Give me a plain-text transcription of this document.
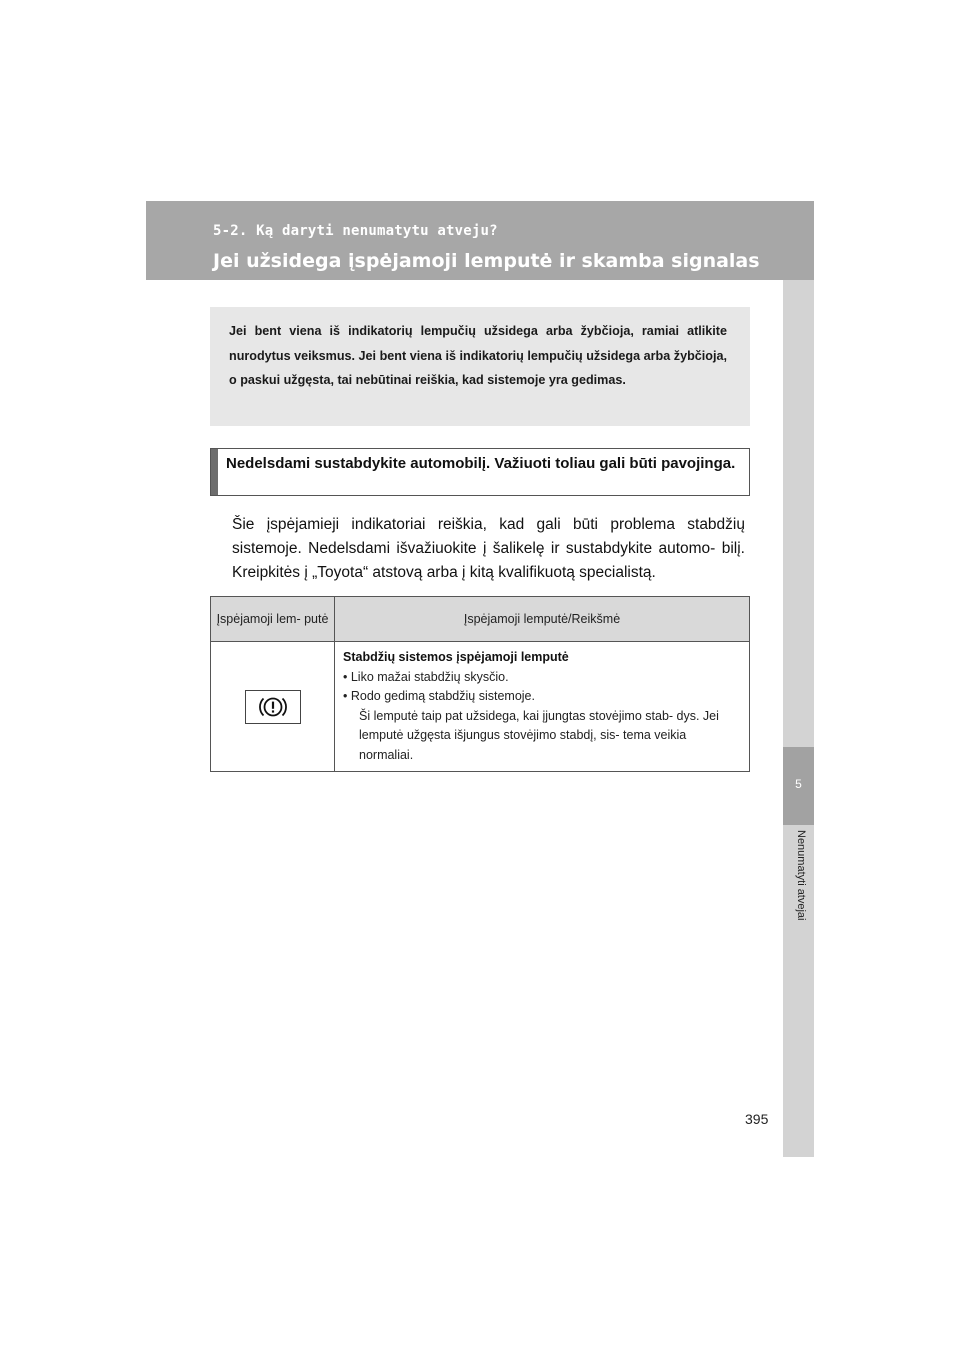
5-2. Ką daryti nenumatytu atveju?
Jei užsidega įspėjamoji lemputė ir skamba signalas
5
Nenumatyti atvejai
Jei bent viena iš indikatorių lempučių užsidega arba žybčioja, ramiai atlikite nurodytus veiksmus. Jei bent viena iš indikatorių lempučių užsidega arba žybčioja, o paskui užgęsta, tai nebūtinai reiškia, kad sistemoje yra gedimas.
Nedelsdami sustabdykite automobilį. Važiuoti toliau gali būti pavojinga.
Šie įspėjamieji indikatoriai reiškia, kad gali būti problema stabdžių sistemoje. Nedelsdami išvažiuokite į šalikelę ir sustabdykite automo- bilį. Kreipkitės į „Toyota“ atstovą arba į kitą kvalifikuotą specialistą.
Įspėjamoji lem- putė	Įspėjamoji lemputė/Reikšmė

Stabdžių sistemos įspėjamoji lemputė
• Liko mažai stabdžių skysčio.
• Rodo gedimą stabdžių sistemoje.
Ši lemputė taip pat užsidega, kai įjungtas stovėjimo stab- dys. Jei lemputė užgęsta išjungus stovėjimo stabdį, sis- tema veikia normaliai.
395
